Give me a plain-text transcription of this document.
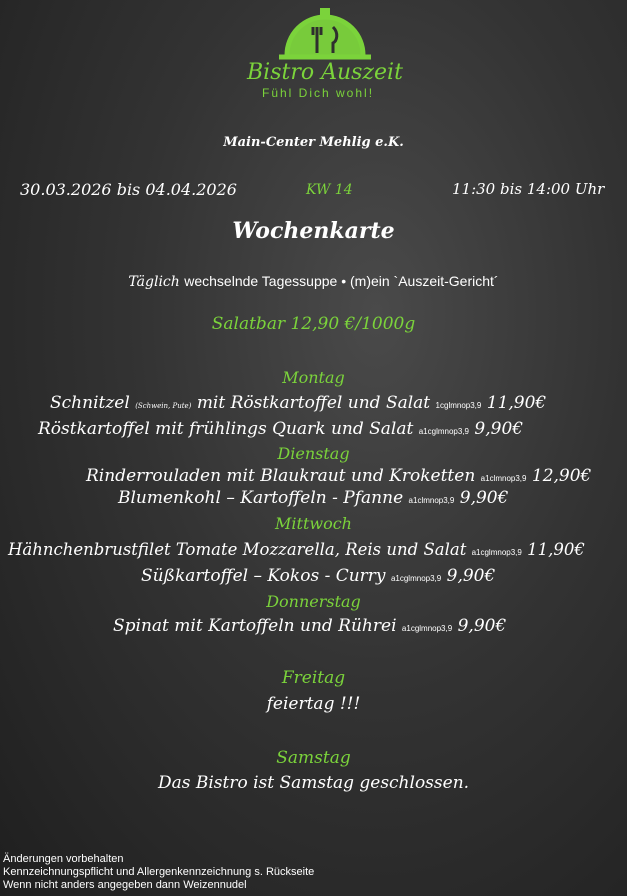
Bistro Auszeit
Fühl Dich wohl!
Main-Center Mehlig e.K.
30.03.2026 bis 04.04.2026	KW 14	11:30 bis 14:00 Uhr
Wochenkarte
Täglich wechselnde Tagessuppe • (m)ein `Auszeit-Gericht´
Salatbar 12,90 €/1000g
Montag
Schnitzel (Schwein, Pute) mit Röstkartoffel und Salat 1cglmnop3,9 11,90€
Röstkartoffel mit frühlings Quark und Salat a1cglmnop3,9 9,90€
Dienstag
Rinderrouladen mit Blaukraut und Kroketten a1clmnop3,9 12,90€
Blumenkohl – Kartoffeln - Pfanne a1clmnop3,9 9,90€
Mittwoch
Hähnchenbrustfilet Tomate Mozzarella, Reis und Salat a1cglmnop3,9 11,90€
Süßkartoffel – Kokos - Curry a1cglmnop3,9 9,90€
Donnerstag
Spinat mit Kartoffeln und Rührei a1cglmnop3,9 9,90€
Freitag
feiertag !!!
Samstag
Das Bistro ist Samstag geschlossen.
Änderungen vorbehalten
Kennzeichnungspflicht und Allergenkennzeichnung s. Rückseite
Wenn nicht anders angegeben dann Weizennudel
